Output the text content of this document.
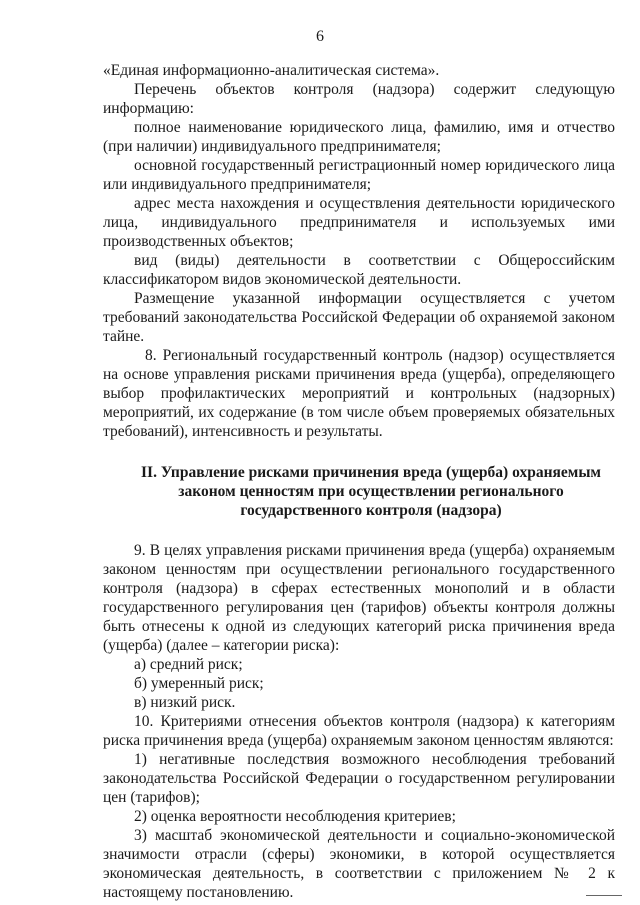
6

«Единая информационно-аналитическая система».

Перечень объектов контроля (надзора) содержит следующую информацию:

полное наименование юридического лица, фамилию, имя и отчество (при наличии) индивидуального предпринимателя;

основной государственный регистрационный номер юридического лица или индивидуального предпринимателя;

адрес места нахождения и осуществления деятельности юридического лица, индивидуального предпринимателя и используемых ими производственных объектов;

вид (виды) деятельности в соответствии с Общероссийским классификатором видов экономической деятельности.

Размещение указанной информации осуществляется с учетом требований законодательства Российской Федерации об охраняемой законом тайне.

8. Региональный государственный контроль (надзор) осуществляется на основе управления рисками причинения вреда (ущерба), определяющего выбор профилактических мероприятий и контрольных (надзорных) мероприятий, их содержание (в том числе объем проверяемых обязательных требований), интенсивность и результаты.

II. Управление рисками причинения вреда (ущерба) охраняемым
законом ценностям при осуществлении регионального
государственного контроля (надзора)

9. В целях управления рисками причинения вреда (ущерба) охраняемым законом ценностям при осуществлении регионального государственного контроля (надзора) в сферах естественных монополий и в области государственного регулирования цен (тарифов) объекты контроля должны быть отнесены к одной из следующих категорий риска причинения вреда (ущерба) (далее – категории риска):

а) средний риск;

б) умеренный риск;

в) низкий риск.

10. Критериями отнесения объектов контроля (надзора) к категориям риска причинения вреда (ущерба) охраняемым законом ценностям являются:

1) негативные последствия возможного несоблюдения требований законодательства Российской Федерации о государственном регулировании цен (тарифов);

2) оценка вероятности несоблюдения критериев;

3) масштаб экономической деятельности и социально-экономической значимости отрасли (сферы) экономики, в которой осуществляется экономическая деятельность, в соответствии с приложением № 2 к настоящему постановлению.
